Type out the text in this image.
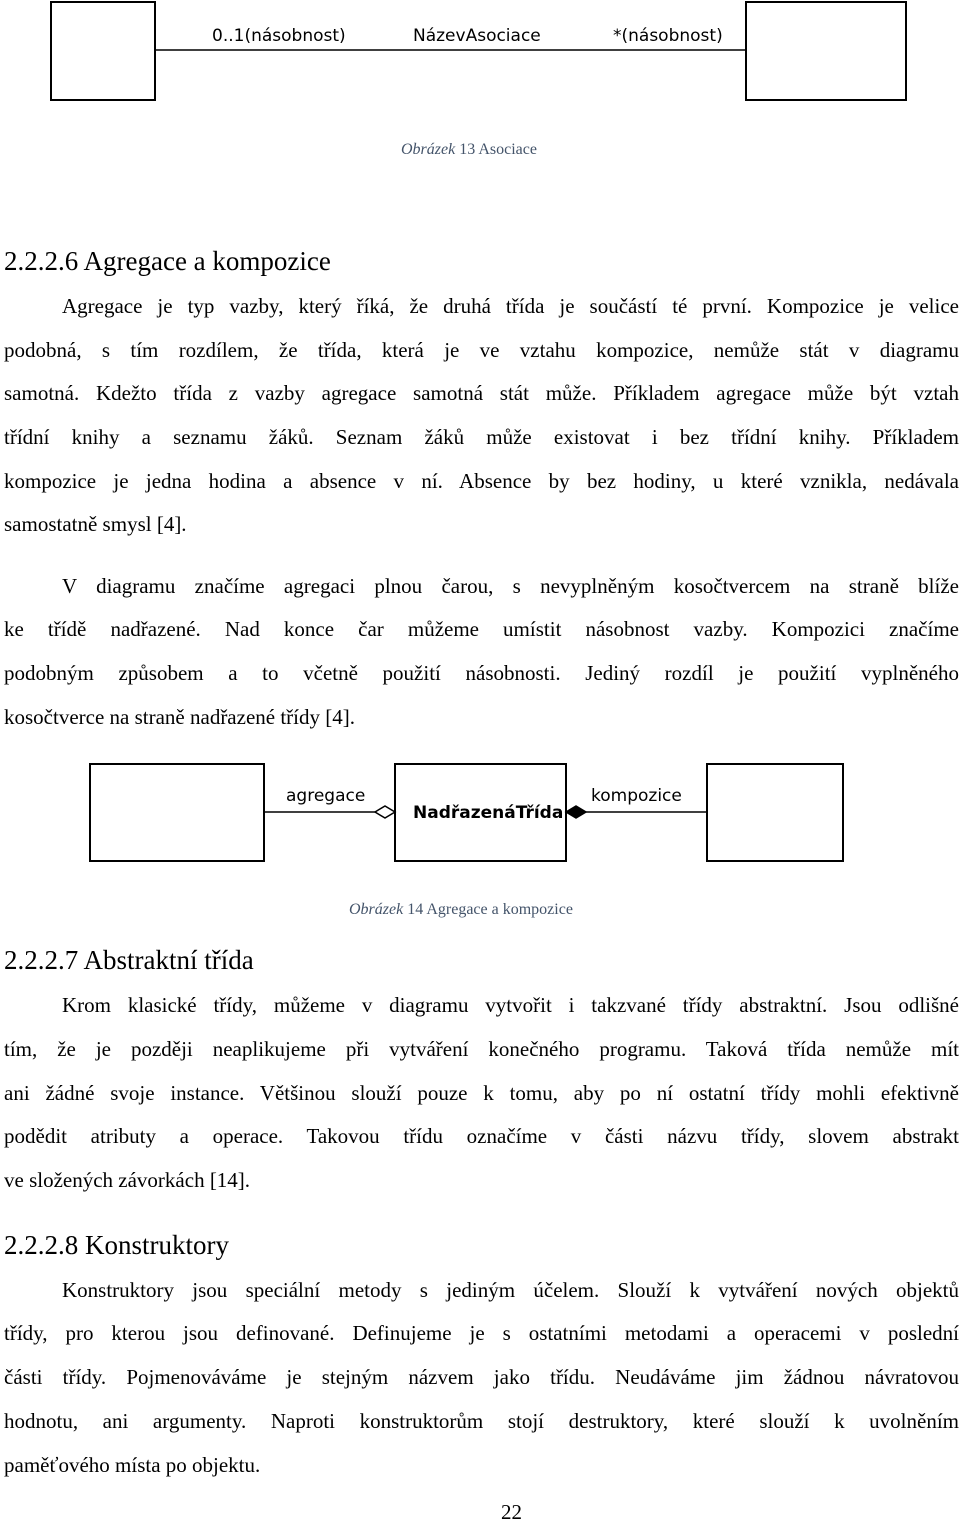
0..1(násobnost)	NázevAsociace	*(násobnost)
Obrázek 13 Asociace
2.2.2.6 Agregace a kompozice
Agregace je typ vazby, který říká, že druhá třída je součástí té první. Kompozice je velice
podobná, s tím rozdílem, že třída, která je ve vztahu kompozice, nemůže stát v diagramu
samotná. Kdežto třída z vazby agregace samotná stát může. Příkladem agregace může být vztah
třídní knihy a seznamu žáků. Seznam žáků může existovat i bez třídní knihy. Příkladem
kompozice je jedna hodina a absence v ní. Absence by bez hodiny, u které vznikla, nedávala
samostatně smysl [4].
V diagramu značíme agregaci plnou čarou, s nevyplněným kosočtvercem na straně blíže
ke třídě nadřazené. Nad konce čar můžeme umístit násobnost vazby. Kompozici značíme
podobným způsobem a to včetně použití násobnosti. Jediný rozdíl je použití vyplněného
kosočtverce na straně nadřazené třídy [4].
agregace
NadřazenáTřída
kompozice
Obrázek 14 Agregace a kompozice
2.2.2.7 Abstraktní třída
Krom klasické třídy, můžeme v diagramu vytvořit i takzvané třídy abstraktní. Jsou odlišné
tím, že je později neaplikujeme při vytváření konečného programu. Taková třída nemůže mít
ani žádné svoje instance. Většinou slouží pouze k tomu, aby po ní ostatní třídy mohli efektivně
podědit atributy a operace. Takovou třídu označíme v části názvu třídy, slovem abstrakt
ve složených závorkách [14].
2.2.2.8 Konstruktory
Konstruktory jsou speciální metody s jediným účelem. Slouží k vytváření nových objektů
třídy, pro kterou jsou definované. Definujeme je s ostatními metodami a operacemi v poslední
části třídy. Pojmenováváme je stejným názvem jako třídu. Neudáváme jim žádnou návratovou
hodnotu, ani argumenty. Naproti konstruktorům stojí destruktory, které slouží k uvolněním
paměťového místa po objektu.
22
